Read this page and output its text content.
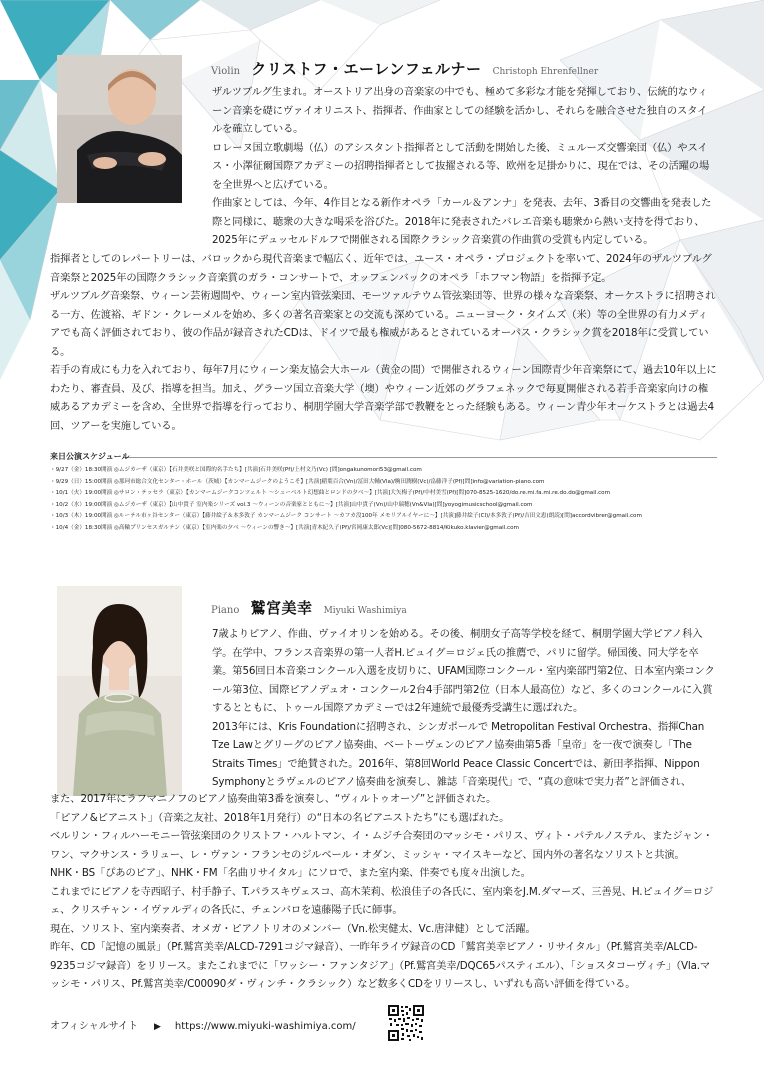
Violin クリストフ・エーレンフェルナー Christoph Ehrenfellner

ザルツブルグ生まれ。オーストリア出身の音楽家の中でも、極めて多彩な才能を発揮しており、伝統的なウィーン音楽を礎にヴァイオリニスト、指揮者、作曲家としての経験を活かし、それらを融合させた独自のスタイルを確立している。

ロレーヌ国立歌劇場（仏）のアシスタント指揮者として活動を開始した後、ミュルーズ交響楽団（仏）やスイス・小澤征爾国際アカデミーの招聘指揮者として抜擢される等、欧州を足掛かりに、現在では、その活躍の場を全世界へと広げている。

作曲家としては、今年、4作目となる新作オペラ「カール＆アンナ」を発表、去年、3番目の交響曲を発表した際と同様に、聴衆の大きな喝采を浴びた。2018年に発表されたバレエ音楽も聴衆から熱い支持を得ており、2025年にデュッセルドルフで開催される国際クラシック音楽賞の作曲賞の受賞も内定している。

指揮者としてのレパートリーは、バロックから現代音楽まで幅広く、近年では、ユース・オペラ・プロジェクトを率いて、2024年のザルツブルグ音楽祭と2025年の国際クラシック音楽賞のガラ・コンサートで、オッフェンバックのオペラ「ホフマン物語」を指揮予定。

ザルツブルグ音楽祭、ウィーン芸術週間や、ウィーン室内管弦楽団、モーツァルテウム管弦楽団等、世界の様々な音楽祭、オーケストラに招聘される一方、佐渡裕、ギドン・クレーメルを始め、多くの著名音楽家との交流も深めている。ニューヨーク・タイムズ（米）等の全世界の有力メディアでも高く評価されており、彼の作品が録音されたCDは、ドイツで最も権威があるとされているオーパス・クラシック賞を2018年に受賞している。

若手の育成にも力を入れており、毎年7月にウィーン楽友協会大ホール（黄金の間）で開催されるウィーン国際青少年音楽祭にて、過去10年以上にわたり、審査員、及び、指導を担当。加え、グラーツ国立音楽大学（墺）やウィーン近郊のグラフェネックで毎夏開催される若手音楽家向けの権威あるアカデミーを含め、全世界で指導を行っており、桐朋学園大学音楽学部で教鞭をとった経験もある。ウィーン青少年オーケストラとは過去4回、ツアーを実施している。

来日公演スケジュール

・9/27（金）18:30開演 ◎ムジカーザ（東京）【石井美咲と国際的名手たち】[共演]石井美咲(Pf)/上村文乃(Vc) [問]ongakunomori53@gmail.com

・9/29（日）15:00開演 ◎那珂市総合文化センター・ホール（茨城）【カンマームジークのようこそ】[共演]稲葉百合(Vn)/冨田大輔(Vla)/駒田潤樹(Vc)/畠藤洋子(Pf)[問]info@variation-piano.com

・10/1（火）19:00開演 ◎サロン・テッセラ（東京）【カンマームジークコンツェルト ～シューベルト幻想曲とロンドの夕べ～】[共演]大矢梅子(Pf)/中村美雪(Pf)[問]070-8525-1620/do.re.mi.fa.mi.re.do.do@gmail.com

・10/2（水）19:00開演 ◎ムジカーザ（東京）【山中貴子 室内楽シリーズ vol.3 ～ウィーンの音楽家とともに～】[共演]山中貴子(Vn)/山中瑞穂(Vn&Vla)[問]yoyogimusicschool@gmail.com

・10/3（木）19:00開演 ◎ルーテル市ヶ谷センター（東京）【藤井絵子＆本多敦子 カンマームジーク コンサート ～カフカ没100年 メモリアルイヤーに～】[共演]藤井絵子(Cl)/本多敦子(Pf)/吉田文恵(朗読)[問]accordvibrer@gmail.com

・10/4（金）18:30開演 ◎高輪プリンセスガルテン（東京）【室内楽の夕べ ～ウィーンの響き～】[共演]青木紀久子(Pf)/宮岡康太郎(Vc)[問]080-5672-8814/Kikuko.klavier@gmail.com

Piano 鷲宮美幸 Miyuki Washimiya

7歳よりピアノ、作曲、ヴァイオリンを始める。その後、桐朋女子高等学校を経て、桐朋学園大学ピアノ科入学。在学中、フランス音楽界の第一人者H.ピュイグ＝ロジェ氏の推薦で、パリに留学。帰国後、同大学を卒業。第56回日本音楽コンクール入選を皮切りに、UFAM国際コンクール・室内楽部門第2位、日本室内楽コンクール第3位、国際ピアノデュオ・コンクール2台4手部門第2位（日本人最高位）など、多くのコンクールに入賞するとともに、トゥール国際アカデミーでは2年連続で最優秀受講生に選ばれた。

2013年には、Kris Foundationに招聘され、シンガポールで Metropolitan Festival Orchestra、指揮Chan Tze Lawとグリーグのピアノ協奏曲、ベートーヴェンのピアノ協奏曲第5番「皇帝」を一夜で演奏し「The Straits Times」で絶賛された。2016年、第8回World Peace Classic Concertでは、新田孝指揮、Nippon Symphonyとラヴェルのピアノ協奏曲を演奏し、雑誌「音楽現代」で、“真の意味で実力者”と評価され、

また、2017年にラフマニノフのピアノ協奏曲第3番を演奏し、“ヴィルトゥオーゾ”と評価された。

「ピアノ&ピアニスト」（音楽之友社、2018年1月発行）の“日本の名ピアニストたち”にも選ばれた。

ベルリン・フィルハーモニー管弦楽団のクリストフ・ハルトマン、イ・ムジチ合奏団のマッシモ・パリス、ヴィト・パテルノステル、またジャン・ワン、マクサンス・ラリュー、レ・ヴァン・フランセのジルベール・オダン、ミッシャ・マイスキーなど、国内外の著名なソリストと共演。

NHK・BS「ぴあのピア」、NHK・FM「名曲リサイタル」にソロで、また室内楽、伴奏でも度々出演した。

これまでにピアノを寺西昭子、村手静子、T.パラスキヴェスコ、高木茉莉、松浪佳子の各氏に、室内楽をJ.M.ダマーズ、三善晃、H.ピュイグ＝ロジェ、クリスチャン・イヴァルディの各氏に、チェンバロを遠藤陽子氏に師事。

現在、ソリスト、室内楽奏者、オメガ・ピアノトリオのメンバー（Vn.松実健太、Vc.唐津健）として活躍。

昨年、CD「記憶の風景」（Pf.鷲宮美幸/ALCD-7291コジマ録音）、一昨年ライヴ録音のCD「鷲宮美幸ピアノ・リサイタル」（Pf.鷲宮美幸/ALCD-9235コジマ録音）をリリース。またこれまでに「ワッシー・ファンタジア」（Pf.鷲宮美幸/DQC65パスティエル）、「ショスタコーヴィチ」（Vla.マッシモ・パリス、Pf.鷲宮美幸/C00090ダ・ヴィンチ・クラシック）など数多くCDをリリースし、いずれも高い評価を得ている。

オフィシャルサイト ▶ https://www.miyuki-washimiya.com/
